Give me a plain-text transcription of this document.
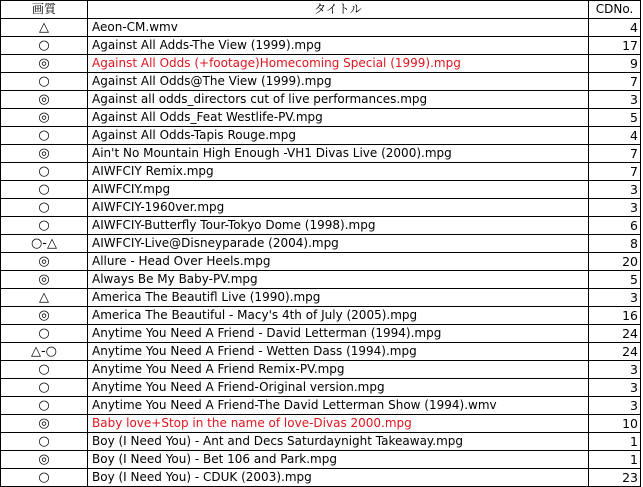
画質	タイトル	CDNo.
△	Aeon-CM.wmv	4
○	Against All Adds-The View (1999).mpg	17
◎	Against All Odds (+footage)Homecoming Special (1999).mpg	9
○	Against All Odds@The View (1999).mpg	7
◎	Against all odds_directors cut of live performances.mpg	3
◎	Against All Odds_Feat Westlife-PV.mpg	5
○	Against All Odds-Tapis Rouge.mpg	4
◎	Ain't No Mountain High Enough -VH1 Divas Live (2000).mpg	7
○	AIWFCIY Remix.mpg	7
○	AIWFCIY.mpg	3
○	AIWFCIY-1960ver.mpg	3
○	AIWFCIY-Butterfly Tour-Tokyo Dome (1998).mpg	6
○-△	AIWFCIY-Live@Disneyparade (2004).mpg	8
◎	Allure - Head Over Heels.mpg	20
◎	Always Be My Baby-PV.mpg	5
△	America The Beautifl Live (1990).mpg	3
◎	America The Beautiful - Macy's 4th of July (2005).mpg	16
○	Anytime You Need A Friend - David Letterman (1994).mpg	24
△-○	Anytime You Need A Friend - Wetten Dass (1994).mpg	24
○	Anytime You Need A Friend Remix-PV.mpg	3
○	Anytime You Need A Friend-Original version.mpg	3
○	Anytime You Need A Friend-The David Letterman Show (1994).wmv	3
◎	Baby love+Stop in the name of love-Divas 2000.mpg	10
○	Boy (I Need You) - Ant and Decs Saturdaynight Takeaway.mpg	1
◎	Boy (I Need You) - Bet 106 and Park.mpg	1
○	Boy (I Need You) - CDUK (2003).mpg	23
